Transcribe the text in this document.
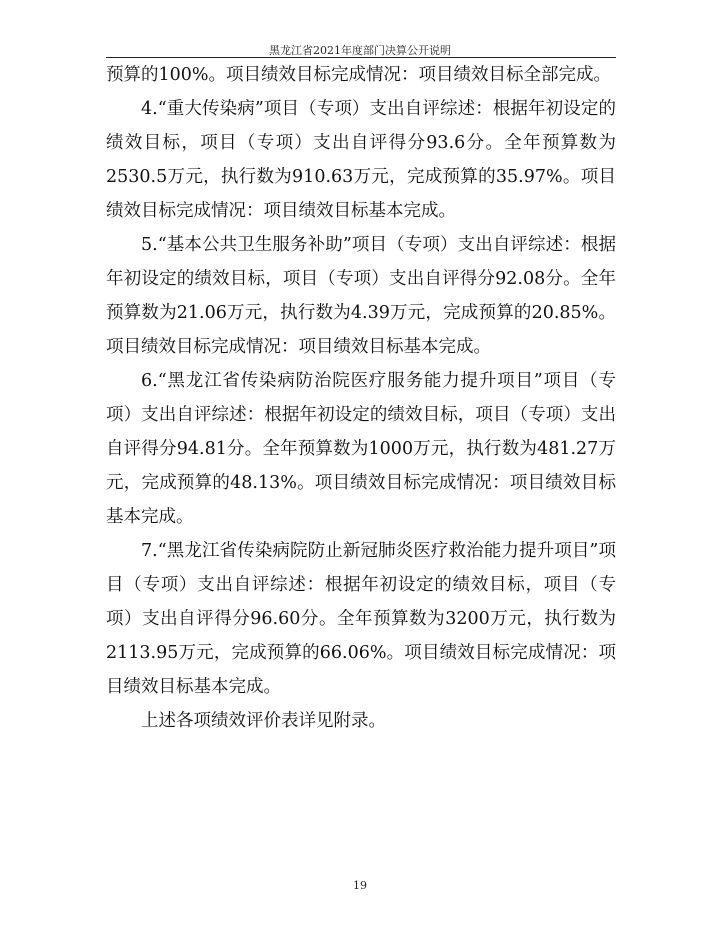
黑龙江省2021年度部门决算公开说明

预算的100%。项目绩效目标完成情况：项目绩效目标全部完成。

4.“重大传染病”项目（专项）支出自评综述：根据年初设定的绩效目标，项目（专项）支出自评得分93.6分。全年预算数为2530.5万元，执行数为910.63万元，完成预算的35.97%。项目绩效目标完成情况：项目绩效目标基本完成。

5.“基本公共卫生服务补助”项目（专项）支出自评综述：根据年初设定的绩效目标，项目（专项）支出自评得分92.08分。全年预算数为21.06万元，执行数为4.39万元，完成预算的20.85%。项目绩效目标完成情况：项目绩效目标基本完成。

6.“黑龙江省传染病防治院医疗服务能力提升项目”项目（专项）支出自评综述：根据年初设定的绩效目标，项目（专项）支出自评得分94.81分。全年预算数为1000万元，执行数为481.27万元，完成预算的48.13%。项目绩效目标完成情况：项目绩效目标基本完成。

7.“黑龙江省传染病院防止新冠肺炎医疗救治能力提升项目”项目（专项）支出自评综述：根据年初设定的绩效目标，项目（专项）支出自评得分96.60分。全年预算数为3200万元，执行数为2113.95万元，完成预算的66.06%。项目绩效目标完成情况：项目绩效目标基本完成。

上述各项绩效评价表详见附录。

19
